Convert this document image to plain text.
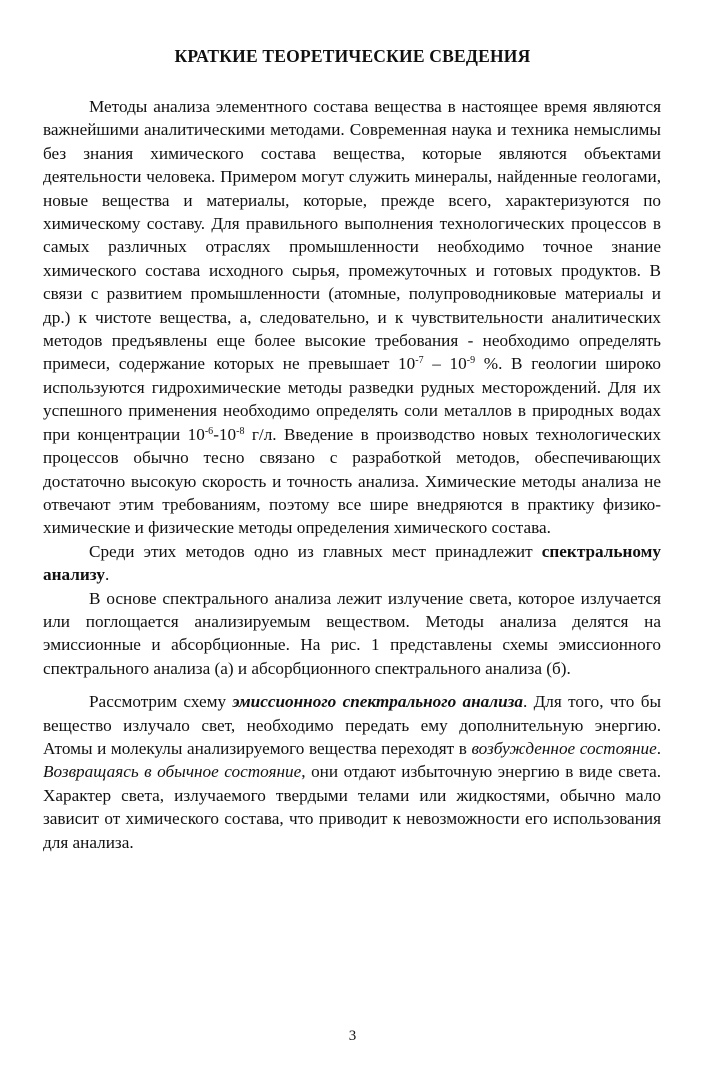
КРАТКИЕ ТЕОРЕТИЧЕСКИЕ СВЕДЕНИЯ

Методы анализа элементного состава вещества в настоящее время являются важнейшими аналитическими методами. Современная наука и техника немыслимы без знания химического состава вещества, которые являются объектами деятельности человека. Примером могут служить минералы, найденные геологами, новые вещества и материалы, которые, прежде всего, характеризуются по химическому составу. Для правильного выполнения технологических процессов в самых различных отраслях промышленности необходимо точное знание химического состава исходного сырья, промежуточных и готовых продуктов. В связи с развитием промышленности (атомные, полупроводниковые материалы и др.) к чистоте вещества, а, следовательно, и к чувствительности аналитических методов предъявлены еще более высокие требования - необходимо определять примеси, содержание которых не превышает $10^{-7} - 10^{-9}$ %. В геологии широко используются гидрохимические методы разведки рудных месторождений. Для их успешного применения необходимо определять соли металлов в природных водах при концентрации $10^{-6}-10^{-8}$ г/л. Введение в производство новых технологических процессов обычно тесно связано с разработкой методов, обеспечивающих достаточно высокую скорость и точность анализа. Химические методы анализа не отвечают этим требованиям, поэтому все шире внедряются в практику физико-химические и физические методы определения химического состава.

Среди этих методов одно из главных мест принадлежит спектральному анализу.

В основе спектрального анализа лежит излучение света, которое излучается или поглощается анализируемым веществом. Методы анализа делятся на эмиссионные и абсорбционные. На рис. 1 представлены схемы эмиссионного спектрального анализа (а) и абсорбционного спектрального анализа (б).

Рассмотрим схему эмиссионного спектрального анализа. Для того, что бы вещество излучало свет, необходимо передать ему дополнительную энергию. Атомы и молекулы анализируемого вещества переходят в возбужденное состояние. Возвращаясь в обычное состояние, они отдают избыточную энергию в виде света. Характер света, излучаемого твердыми телами или жидкостями, обычно мало зависит от химического состава, что приводит к невозможности его использования для анализа.

3
